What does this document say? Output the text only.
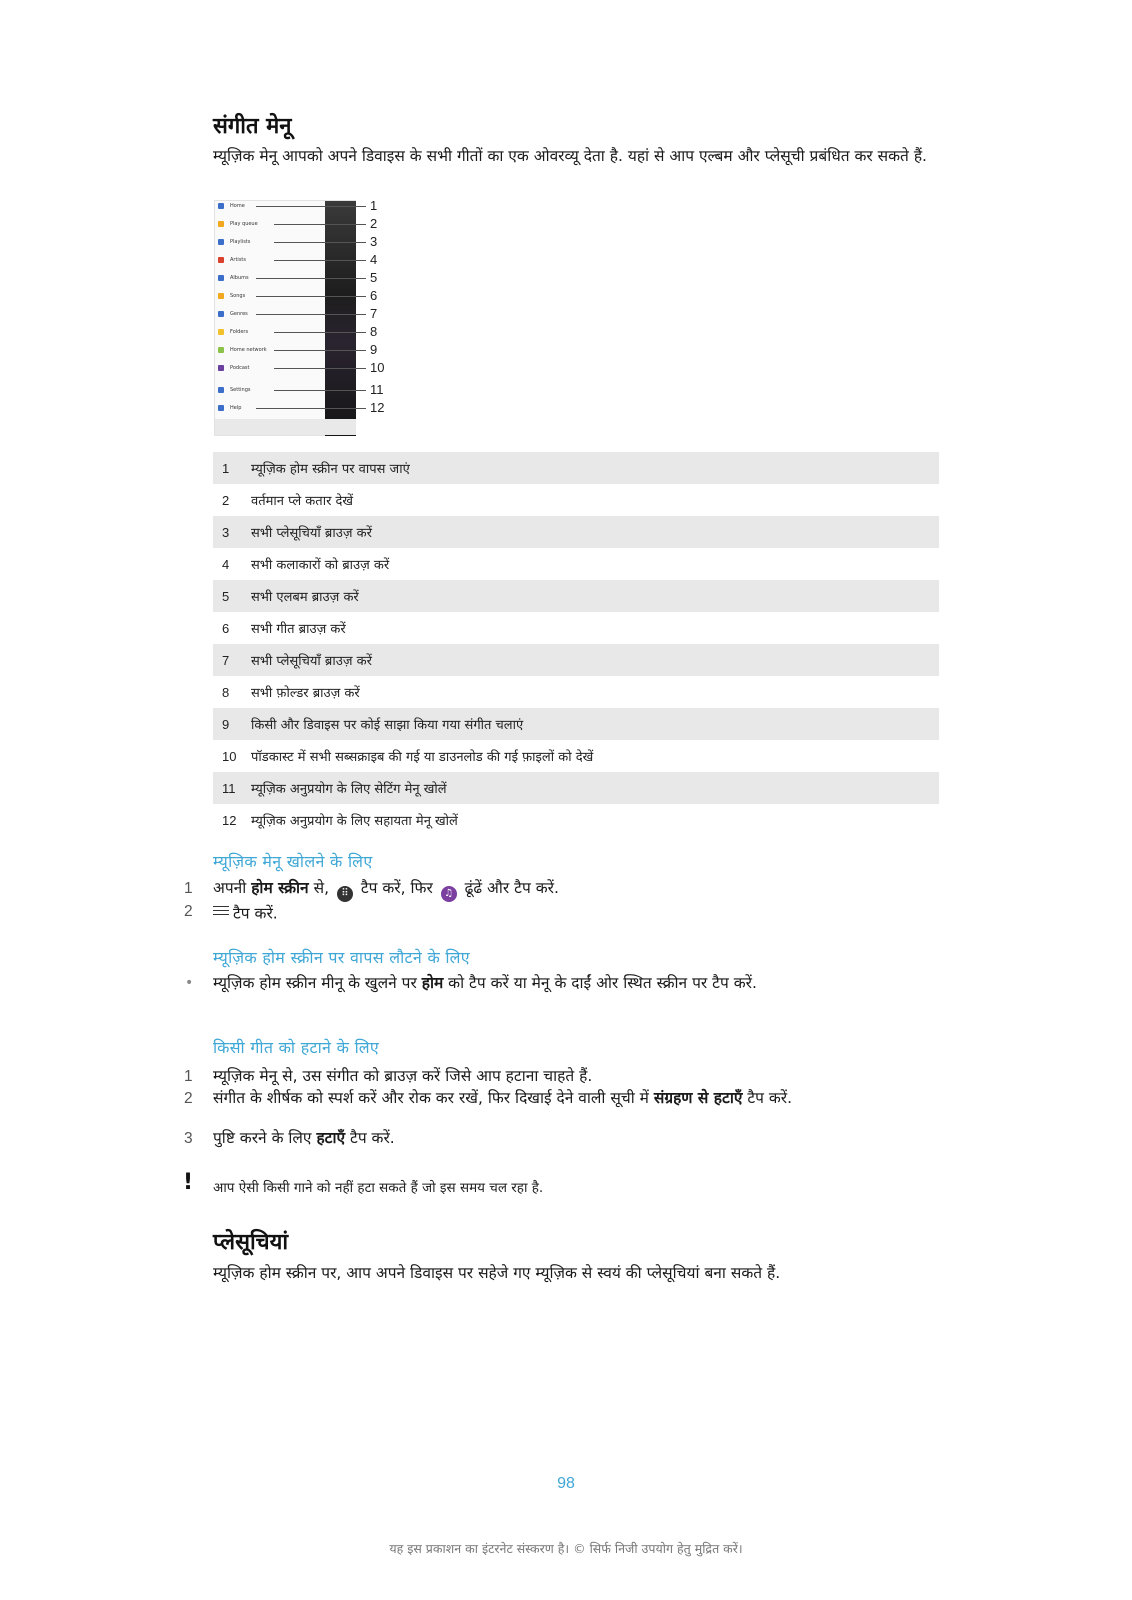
संगीत मेनू
म्यूज़िक मेनू आपको अपने डिवाइस के सभी गीतों का एक ओवरव्यू देता है. यहां से आप एल्बम और प्लेसूची प्रबंधित कर सकते हैं.
Home	1
Play queue	2
Playlists	3
Artists	4
Albums	5
Songs	6
Genres	7
Folders	8
Home network	9
Podcast	10
Settings	11
Help	12
1	म्यूज़िक होम स्क्रीन पर वापस जाएं
2	वर्तमान प्ले कतार देखें
3	सभी प्लेसूचियाँ ब्राउज़ करें
4	सभी कलाकारों को ब्राउज़ करें
5	सभी एलबम ब्राउज़ करें
6	सभी गीत ब्राउज़ करें
7	सभी प्लेसूचियाँ ब्राउज़ करें
8	सभी फ़ोल्डर ब्राउज़ करें
9	किसी और डिवाइस पर कोई साझा किया गया संगीत चलाएं
10	पॉडकास्ट में सभी सब्सक्राइब की गई या डाउनलोड की गई फ़ाइलों को देखें
11	म्यूज़िक अनुप्रयोग के लिए सेटिंग मेनू खोलें
12	म्यूज़िक अनुप्रयोग के लिए सहायता मेनू खोलें
म्यूज़िक मेनू खोलने के लिए
1 अपनी होम स्क्रीन से, ⠿ टैप करें, फिर ♫ ढूंढें और टैप करें.
2	टैप करें.
म्यूज़िक होम स्क्रीन पर वापस लौटने के लिए
• म्यूज़िक होम स्क्रीन मीनू के खुलने पर होम को टैप करें या मेनू के दाईं ओर स्थित स्क्रीन पर टैप करें.
किसी गीत को हटाने के लिए
1 म्यूज़िक मेनू से, उस संगीत को ब्राउज़ करें जिसे आप हटाना चाहते हैं.
2 संगीत के शीर्षक को स्पर्श करें और रोक कर रखें, फिर दिखाई देने वाली सूची में संग्रहण से हटाएँ टैप करें.
3 पुष्टि करने के लिए हटाएँ टैप करें.
! आप ऐसी किसी गाने को नहीं हटा सकते हैं जो इस समय चल रहा है.
प्लेसूचियां
म्यूज़िक होम स्क्रीन पर, आप अपने डिवाइस पर सहेजे गए म्यूज़िक से स्वयं की प्लेसूचियां बना सकते हैं.
98
यह इस प्रकाशन का इंटरनेट संस्करण है। © सिर्फ निजी उपयोग हेतु मुद्रित करें।
